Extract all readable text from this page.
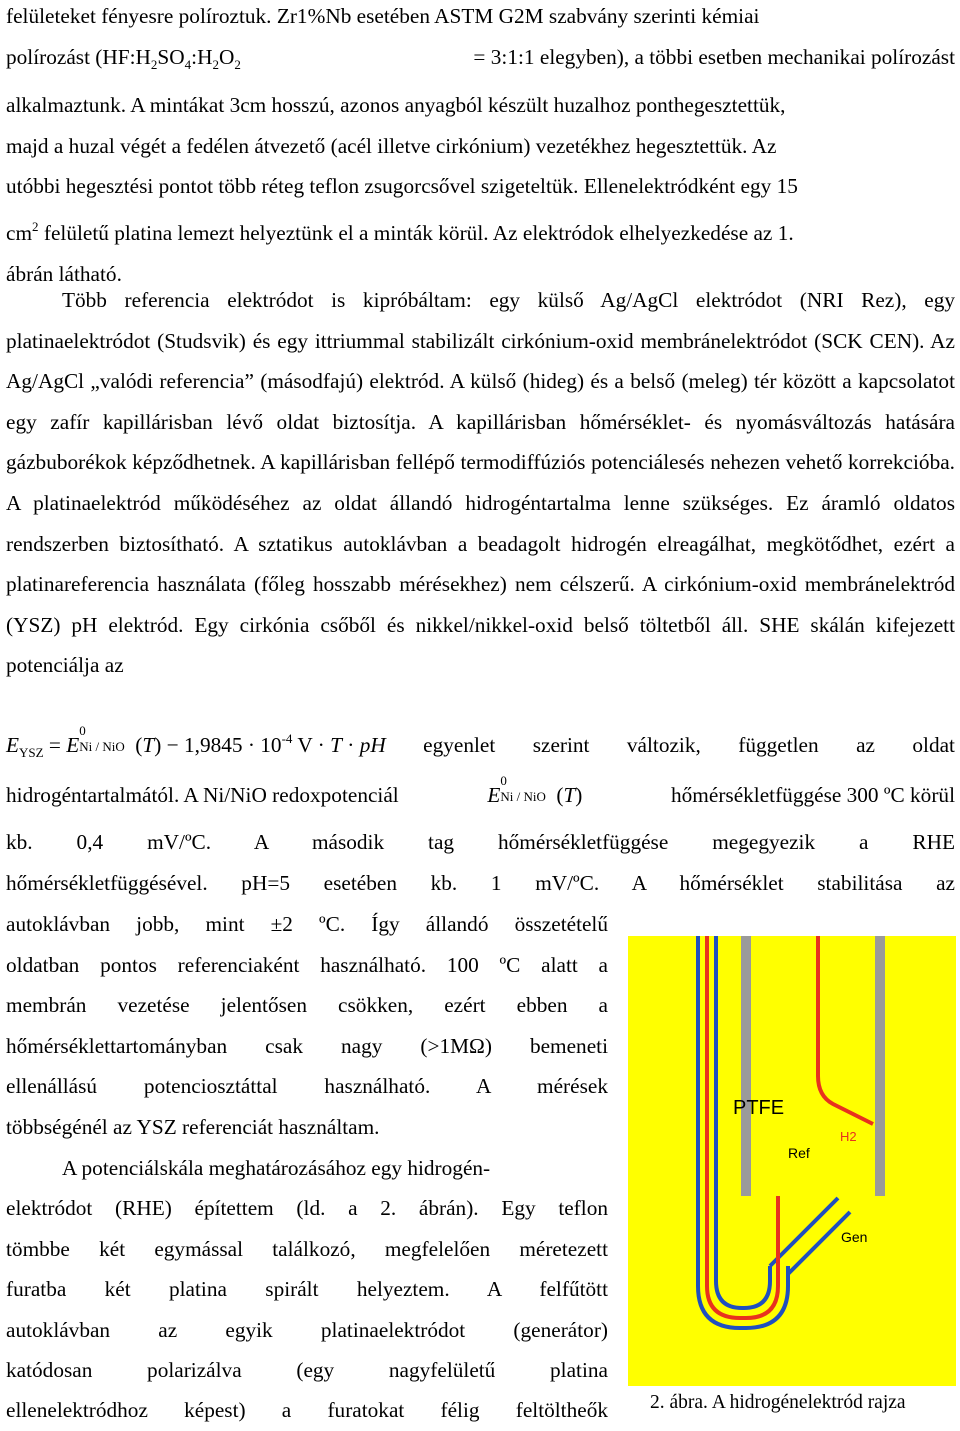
felületeket fényesre políroztuk. Zr1%Nb esetében ASTM G2M szabvány szerinti kémiai
polírozást ($HF:H_2SO_4:H_2O_2$	= 3:1:1 elegyben), a többi esetben mechanikai polírozást
alkalmaztunk. A mintákat 3cm hosszú, azonos anyagból készült huzalhoz ponthegesztettük,
majd a huzal végét a fedélen átvezető (acél illetve cirkónium) vezetékhez hegesztettük. Az
utóbbi hegesztési pontot több réteg teflon zsugorcsővel szigeteltük. Ellenelektródként egy 15
$cm^2$ felületű platina lemezt helyeztünk el a minták körül. Az elektródok elhelyezkedése az 1.
ábrán látható.

Több referencia elektródot is kipróbáltam: egy külső Ag/AgCl elektródot (NRI Rez), egy platinaelektródot (Studsvik) és egy ittriummal stabilizált cirkónium-oxid membránelektródot (SCK CEN). Az Ag/AgCl „valódi referencia” (másodfajú) elektród. A külső (hideg) és a belső (meleg) tér között a kapcsolatot egy zafír kapillárisban lévő oldat biztosítja. A kapillárisban hőmérséklet- és nyomásváltozás hatására gázbuborékok képződhetnek. A kapillárisban fellépő termodiffúziós potenciálesés nehezen vehető korrekcióba. A platinaelektród működéséhez az oldat állandó hidrogéntartalma lenne szükséges. Ez áramló oldatos rendszerben biztosítható. A sztatikus autoklávban a beadagolt hidrogén elreagálhat, megkötődhet, ezért a platinareferencia használata (főleg hosszabb mérésekhez) nem célszerű. A cirkónium-oxid membránelektród (YSZ) pH elektród. Egy cirkónia csőből és nikkel/nikkel-oxid belső töltetből áll. SHE skálán kifejezett potenciálja az

$E_{YSZ} = E$
0
Ni / NiO $(T) - 1,9845 \cdot 10^{-4}$ V · T · pH egyenlet szerint változik, független az oldat
hidrogéntartalmától. A Ni/NiO redoxpotenciál	E
0
Ni / NiO (T)	hőmérsékletfüggése 300 ºC körül
kb. 0,4 mV/ºC. A második tag hőmérsékletfüggése megegyezik a RHE
hőmérsékletfüggésével. pH=5 esetében kb. 1 mV/ºC. A hőmérséklet stabilitása az
autoklávban jobb, mint ±2 ºC. Így állandó összetételű
oldatban pontos referenciaként használható. 100 ºC alatt a
membrán vezetése jelentősen csökken, ezért ebben a
hőmérséklettartományban csak nagy (>1MΩ) bemeneti
ellenállású potenciosztáttal használható. A mérések
többségénél az YSZ referenciát használtam.
A potenciálskála meghatározásához egy hidrogén-
elektródot (RHE) építettem (ld. a 2. ábrán). Egy teflon
tömbbe két egymással találkozó, megfelelően méretezett
furatba két platina spirált helyeztem. A felfűtött
autoklávban az egyik platinaelektródot (generátor)
katódosan polarizálva (egy nagyfelületű platina
ellenelektródhoz képest) a furatokat félig feltöltheők
PTFE
H2
Ref
Gen
2. ábra. A hidrogénelektród rajza
